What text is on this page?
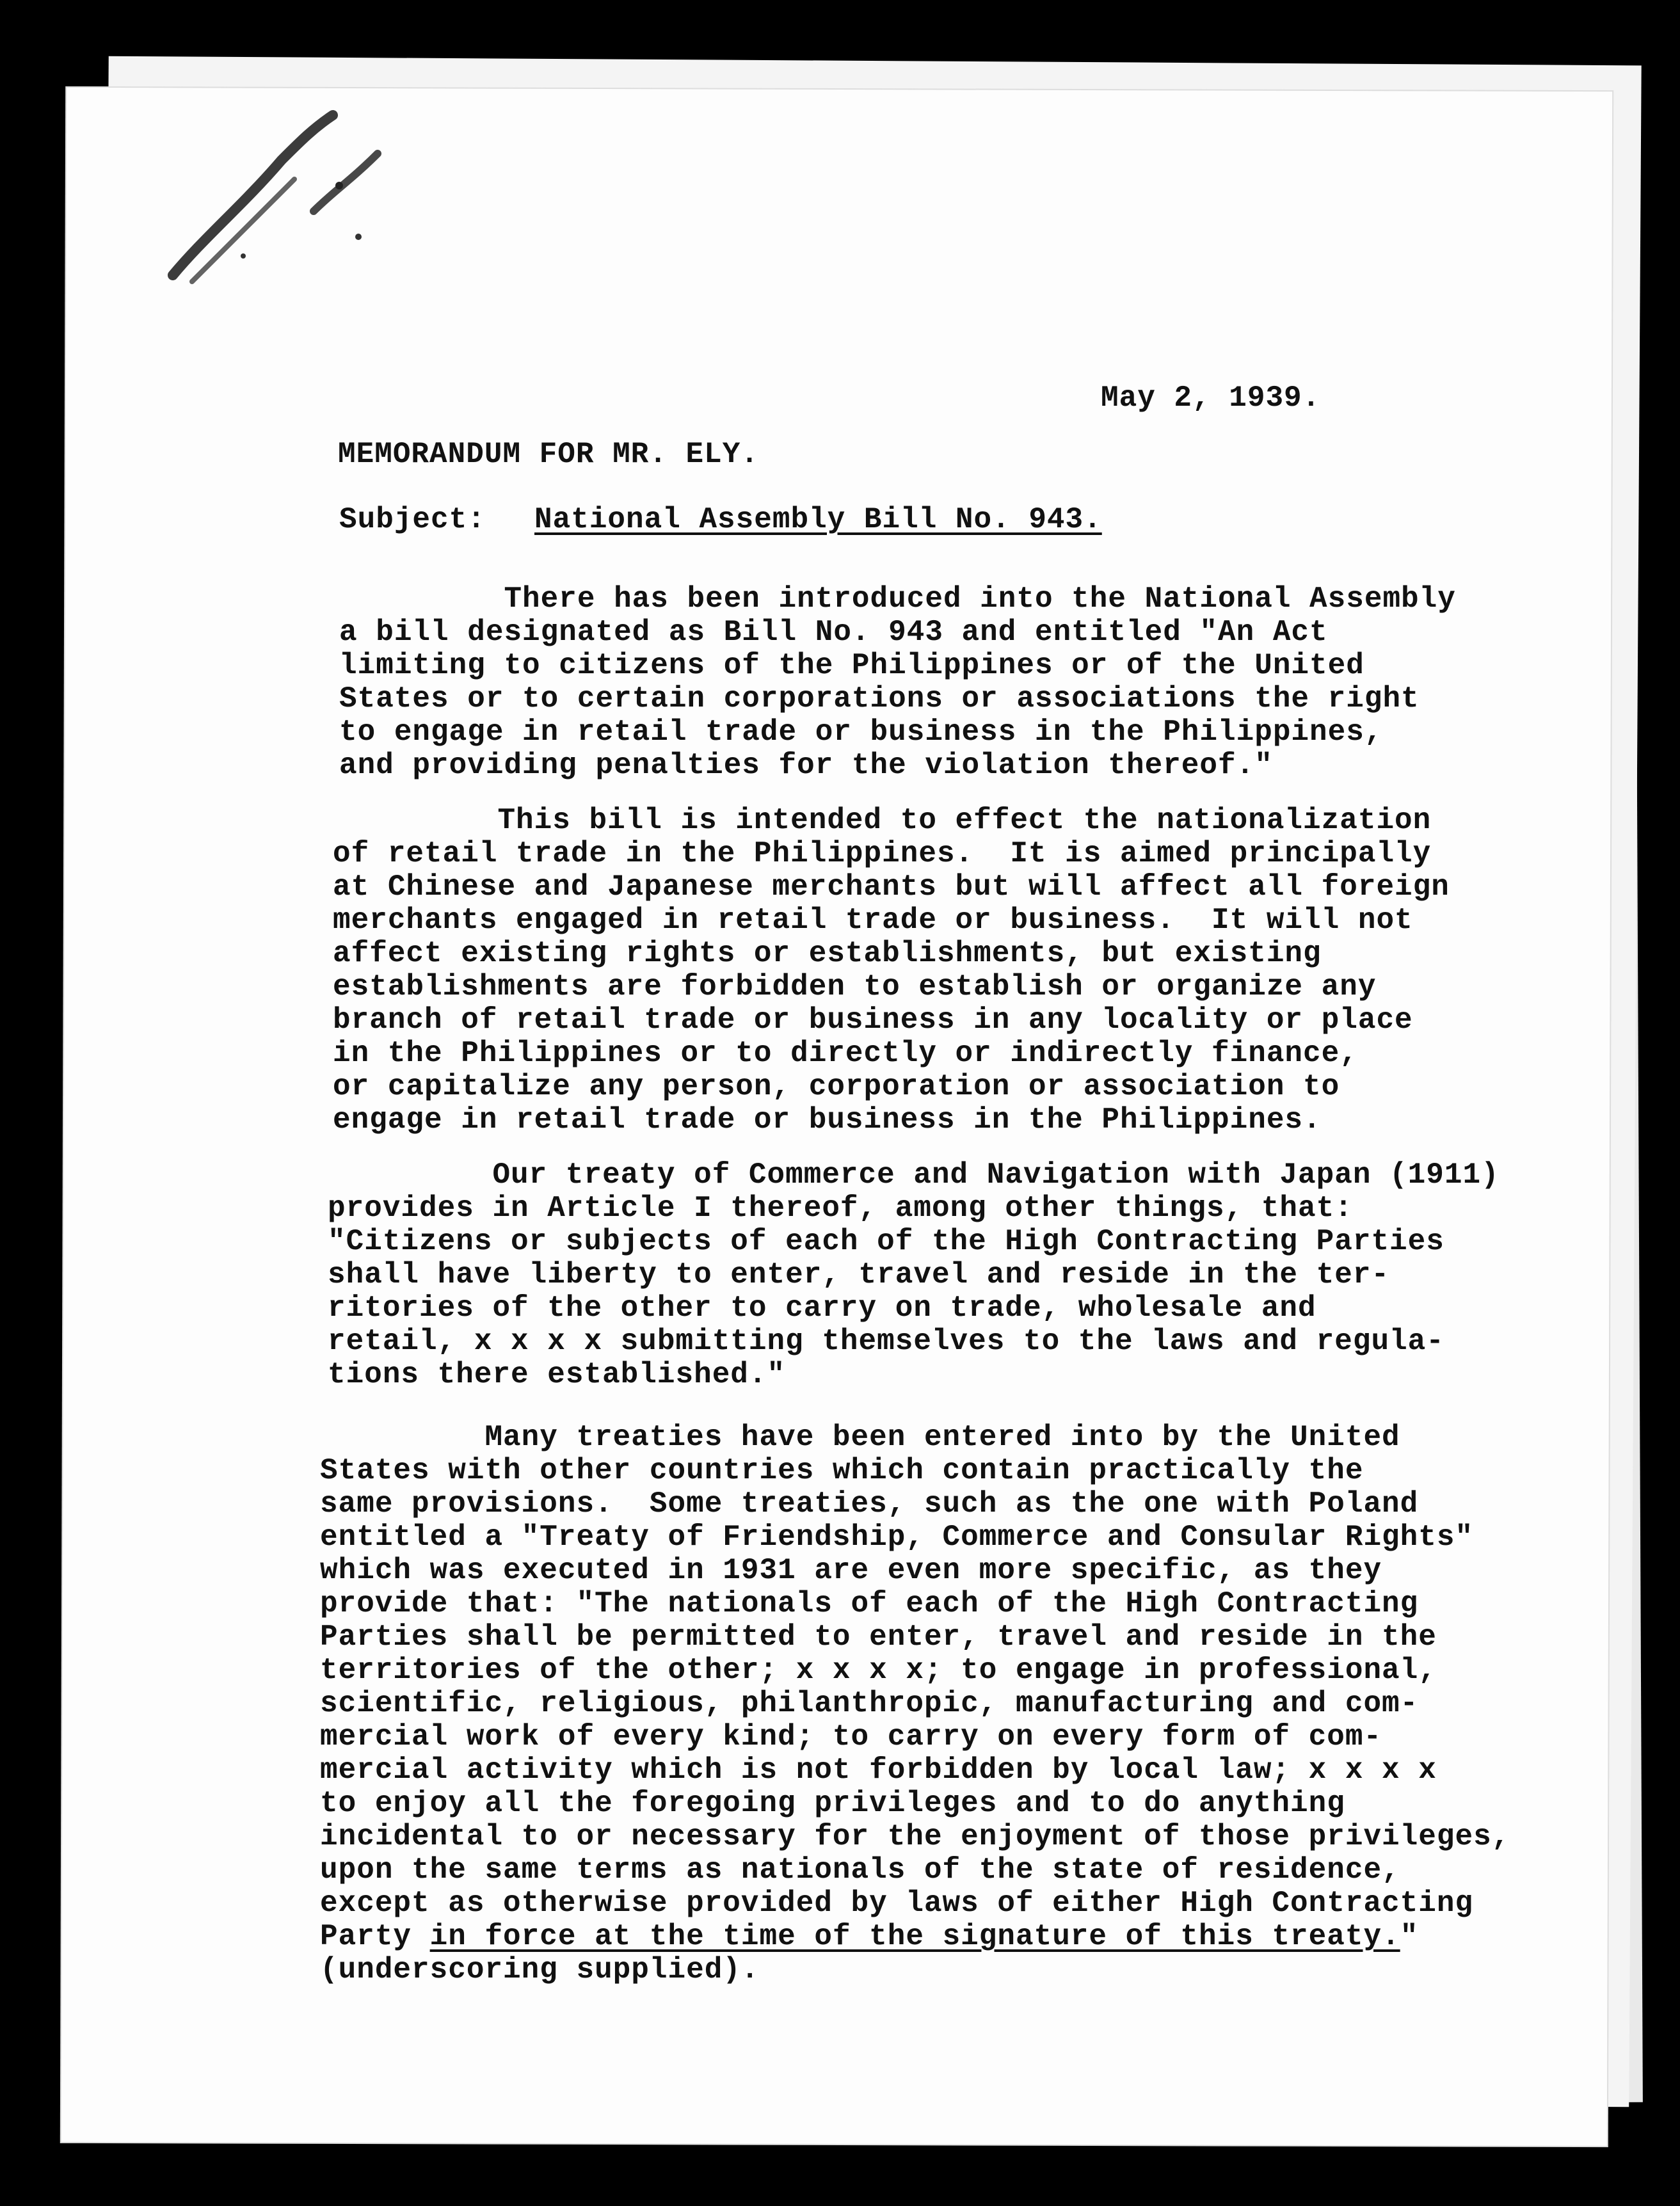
May 2, 1939.
MEMORANDUM FOR MR. ELY.
Subject: National Assembly Bill No. 943.
There has been introduced into the National Assembly
a bill designated as Bill No. 943 and entitled "An Act
limiting to citizens of the Philippines or of the United
States or to certain corporations or associations the right
to engage in retail trade or business in the Philippines,
and providing penalties for the violation thereof."
This bill is intended to effect the nationalization
of retail trade in the Philippines.  It is aimed principally
at Chinese and Japanese merchants but will affect all foreign
merchants engaged in retail trade or business.  It will not
affect existing rights or establishments, but existing
establishments are forbidden to establish or organize any
branch of retail trade or business in any locality or place
in the Philippines or to directly or indirectly finance,
or capitalize any person, corporation or association to
engage in retail trade or business in the Philippines.
Our treaty of Commerce and Navigation with Japan (1911)
provides in Article I thereof, among other things, that:
"Citizens or subjects of each of the High Contracting Parties
shall have liberty to enter, travel and reside in the ter-
ritories of the other to carry on trade, wholesale and
retail, x x x x submitting themselves to the laws and regula-
tions there established."
Many treaties have been entered into by the United
States with other countries which contain practically the
same provisions.  Some treaties, such as the one with Poland
entitled a "Treaty of Friendship, Commerce and Consular Rights"
which was executed in 1931 are even more specific, as they
provide that: "The nationals of each of the High Contracting
Parties shall be permitted to enter, travel and reside in the
territories of the other; x x x x; to engage in professional,
scientific, religious, philanthropic, manufacturing and com-
mercial work of every kind; to carry on every form of com-
mercial activity which is not forbidden by local law; x x x x
to enjoy all the foregoing privileges and to do anything
incidental to or necessary for the enjoyment of those privileges,
upon the same terms as nationals of the state of residence,
except as otherwise provided by laws of either High Contracting
Party in force at the time of the signature of this treaty."
(underscoring supplied).
